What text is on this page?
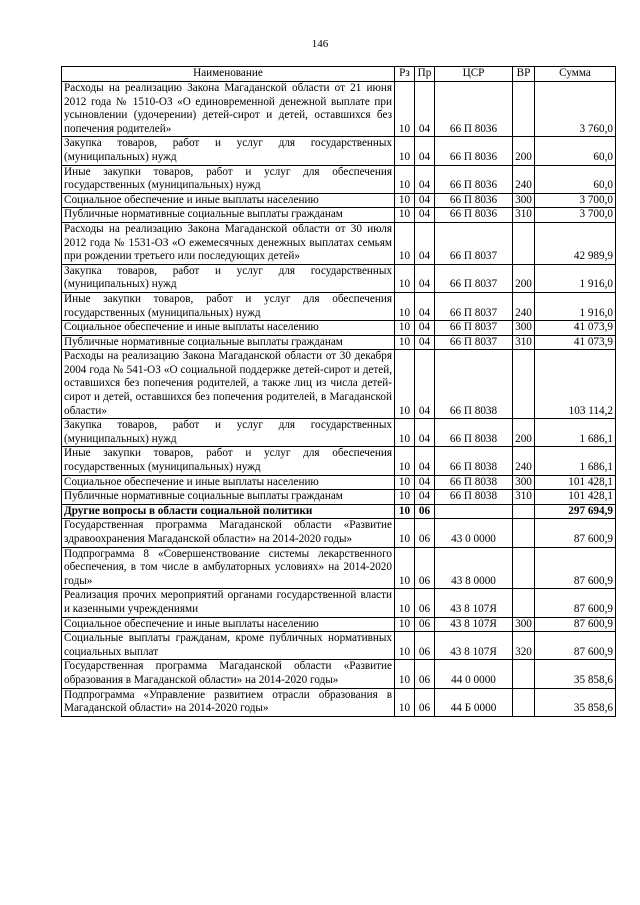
146
Наименование	Рз	Пр	ЦСР	ВР	Сумма
Расходы на реализацию Закона Магаданской области от 21 июня 2012 года № 1510-ОЗ «О единовременной денежной выплате при усыновлении (удочерении) детей-сирот и детей, оставшихся без попечения родителей»	10	04	66 П 8036		3 760,0
Закупка товаров, работ и услуг для государственных (муниципальных) нужд	10	04	66 П 8036	200	60,0
Иные закупки товаров, работ и услуг для обеспечения государственных (муниципальных) нужд	10	04	66 П 8036	240	60,0
Социальное обеспечение и иные выплаты населению	10	04	66 П 8036	300	3 700,0
Публичные нормативные социальные выплаты гражданам	10	04	66 П 8036	310	3 700,0
Расходы на реализацию Закона Магаданской области от 30 июля 2012 года № 1531-ОЗ «О ежемесячных денежных выплатах семьям при рождении третьего или последующих детей»	10	04	66 П 8037		42 989,9
Закупка товаров, работ и услуг для государственных (муниципальных) нужд	10	04	66 П 8037	200	1 916,0
Иные закупки товаров, работ и услуг для обеспечения государственных (муниципальных) нужд	10	04	66 П 8037	240	1 916,0
Социальное обеспечение и иные выплаты населению	10	04	66 П 8037	300	41 073,9
Публичные нормативные социальные выплаты гражданам	10	04	66 П 8037	310	41 073,9
Расходы на реализацию Закона Магаданской области от 30 декабря 2004 года № 541-ОЗ «О социальной поддержке детей-сирот и детей, оставшихся без попечения родителей, а также лиц из числа детей-сирот и детей, оставшихся без попечения родителей, в Магаданской области»	10	04	66 П 8038		103 114,2
Закупка товаров, работ и услуг для государственных (муниципальных) нужд	10	04	66 П 8038	200	1 686,1
Иные закупки товаров, работ и услуг для обеспечения государственных (муниципальных) нужд	10	04	66 П 8038	240	1 686,1
Социальное обеспечение и иные выплаты населению	10	04	66 П 8038	300	101 428,1
Публичные нормативные социальные выплаты гражданам	10	04	66 П 8038	310	101 428,1
Другие вопросы в области социальной политики	10	06			297 694,9
Государственная программа Магаданской области «Развитие здравоохранения Магаданской области» на 2014-2020 годы»	10	06	43 0 0000		87 600,9
Подпрограмма 8 «Совершенствование системы лекарственного обеспечения, в том числе в амбулаторных условиях» на 2014-2020 годы»	10	06	43 8 0000		87 600,9
Реализация прочих мероприятий органами государственной власти и казенными учреждениями	10	06	43 8 107Я		87 600,9
Социальное обеспечение и иные выплаты населению	10	06	43 8 107Я	300	87 600,9
Социальные выплаты гражданам, кроме публичных нормативных социальных выплат	10	06	43 8 107Я	320	87 600,9
Государственная программа Магаданской области «Развитие образования в Магаданской области» на 2014-2020 годы»	10	06	44 0 0000		35 858,6
Подпрограмма «Управление развитием отрасли образования в Магаданской области» на 2014-2020 годы»	10	06	44 Б 0000		35 858,6
